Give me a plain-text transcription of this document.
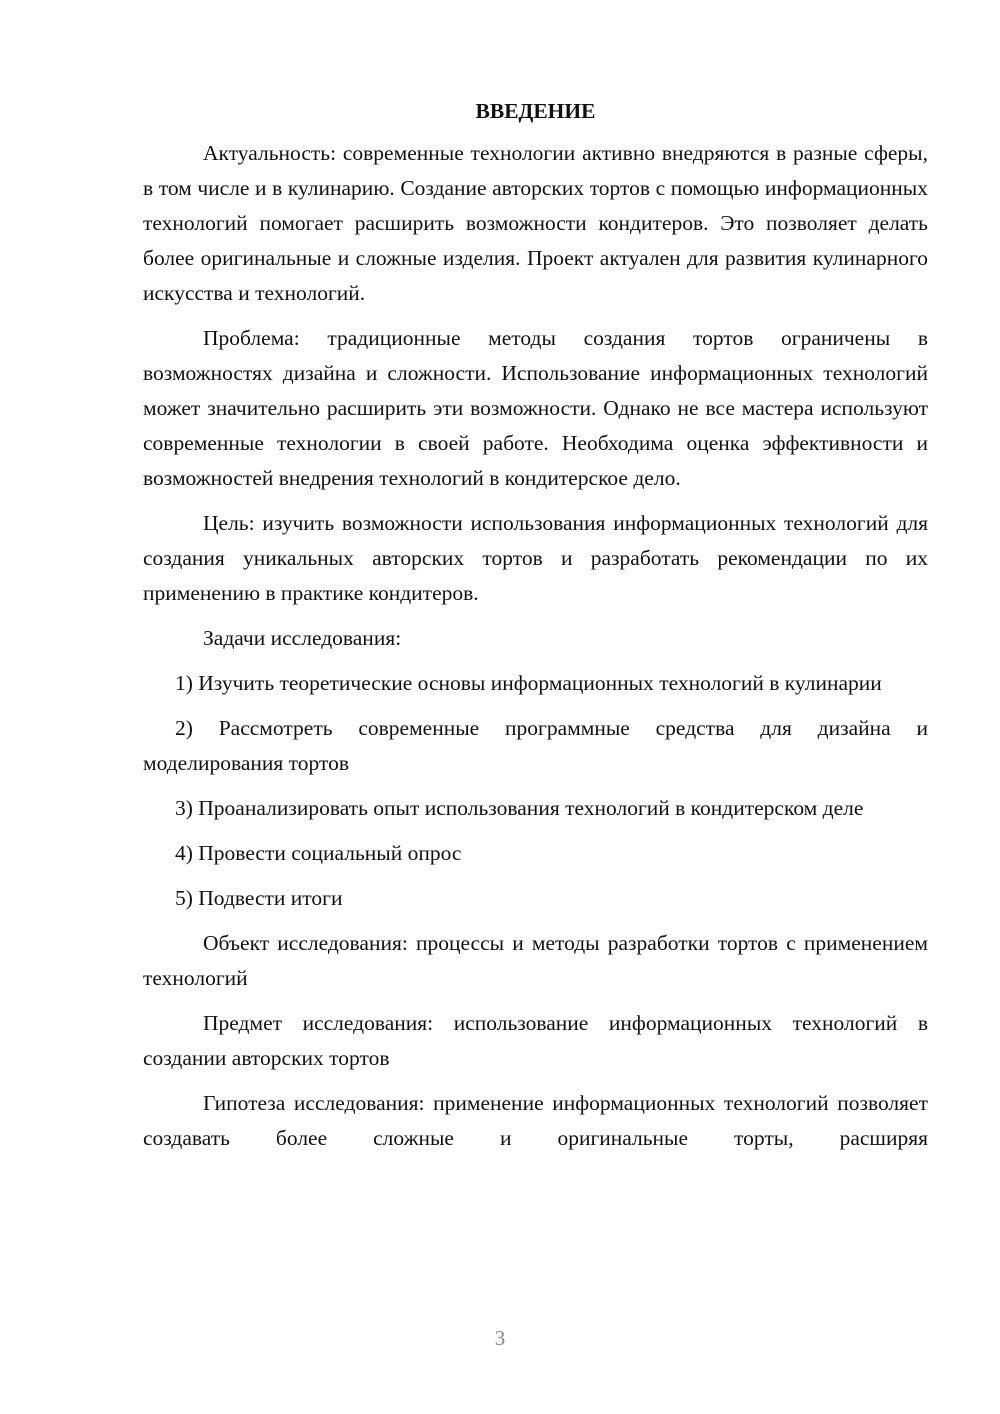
ВВЕДЕНИЕ

Актуальность: современные технологии активно внедряются в разные сферы, в том числе и в кулинарию. Создание авторских тортов с помощью информационных технологий помогает расширить возможности кондитеров. Это позволяет делать более оригинальные и сложные изделия. Проект актуален для развития кулинарного искусства и технологий.

Проблема: традиционные методы создания тортов ограничены в возможностях дизайна и сложности. Использование информационных технологий может значительно расширить эти возможности. Однако не все мастера используют современные технологии в своей работе. Необходима оценка эффективности и возможностей внедрения технологий в кондитерское дело.

Цель: изучить возможности использования информационных технологий для создания уникальных авторских тортов и разработать рекомендации по их применению в практике кондитеров.

Задачи исследования:

1) Изучить теоретические основы информационных технологий в кулинарии

2) Рассмотреть современные программные средства для дизайна и моделирования тортов

3) Проанализировать опыт использования технологий в кондитерском деле

4) Провести социальный опрос

5) Подвести итоги

Объект исследования: процессы и методы разработки тортов с применением технологий

Предмет исследования: использование информационных технологий в создании авторских тортов

Гипотеза исследования: применение информационных технологий позволяет создавать более сложные и оригинальные торты, расширяя

3
